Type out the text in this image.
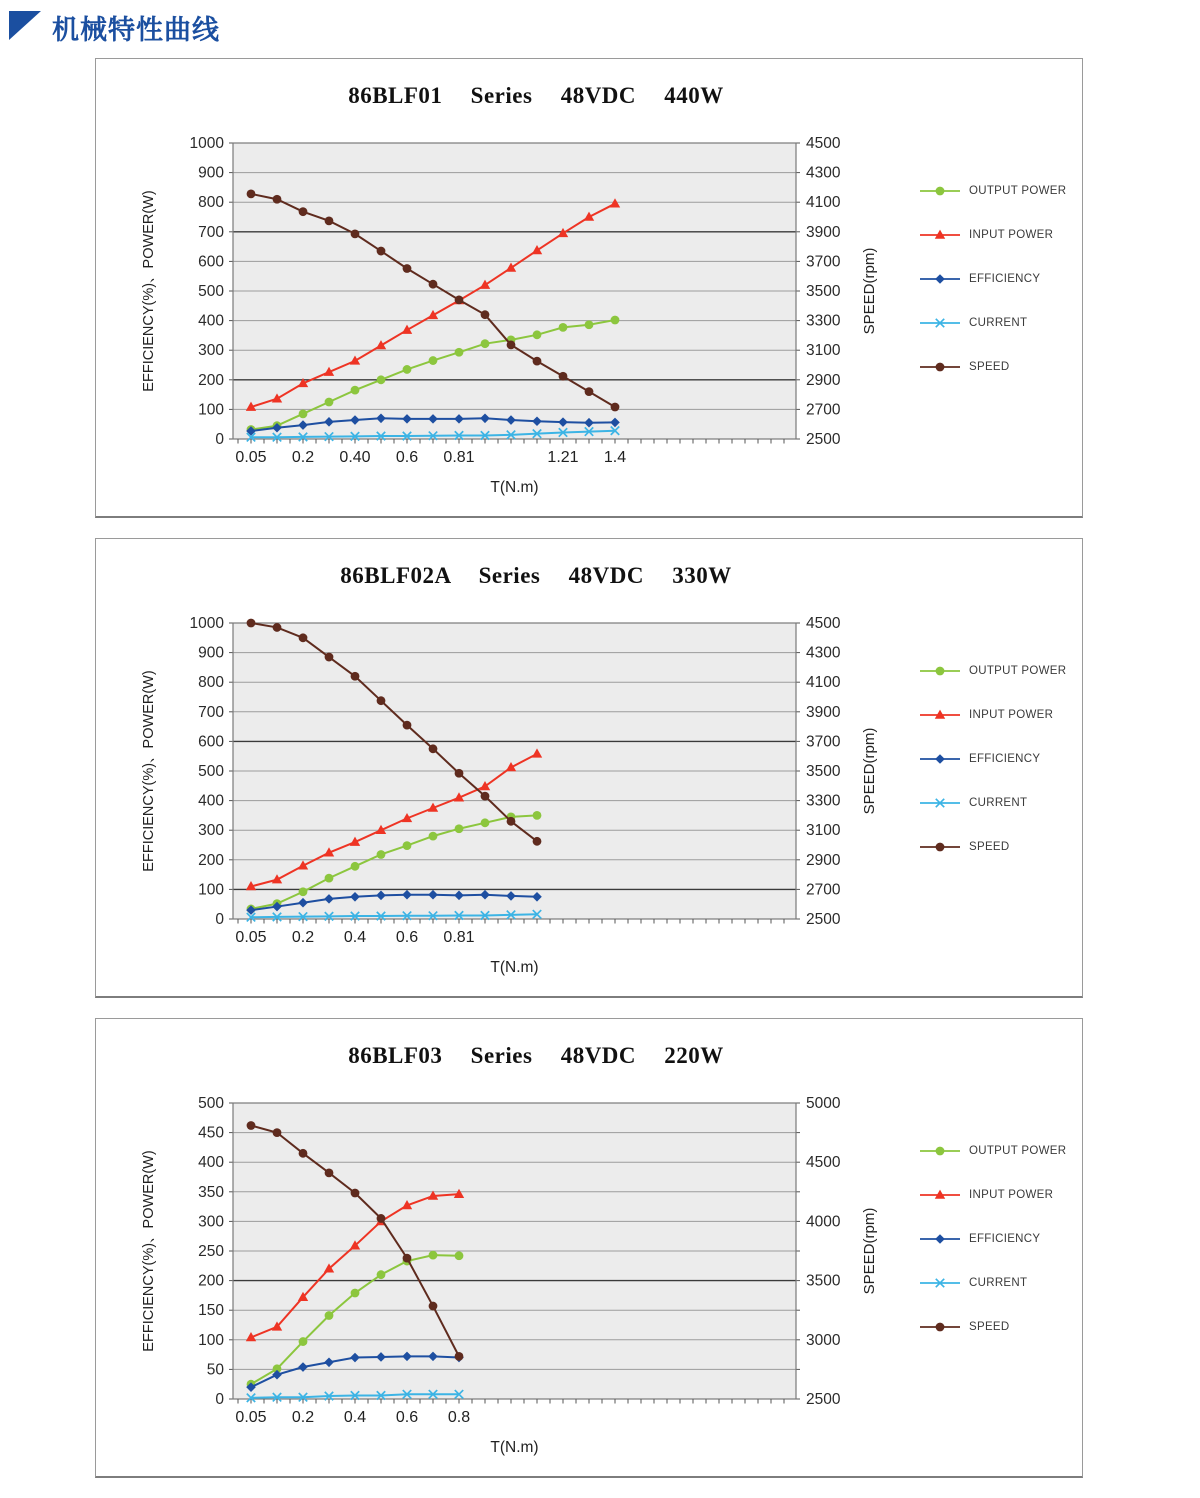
机械特性曲线
86BLF01 Series 48VDC 440W
0	2500
100	2700
200	2900
300	3100
400	3300
500	3500
600	3700
700	3900
800	4100
900	4300
1000	4500
0.05 0.2 0.40 0.6 0.81	1.21 1.4
T(N.m)
EFFICIENCY(%)、POWER(W)	SPEED(rpm)
OUTPUT POWER
INPUT POWER
EFFICIENCY
CURRENT
SPEED
86BLF02A Series 48VDC 330W
0	2500
100	2700
200	2900
300	3100
400	3300
500	3500
600	3700
700	3900
800	4100
900	4300
1000	4500
0.05 0.2 0.4 0.6 0.81
T(N.m)
EFFICIENCY(%)、POWER(W)	SPEED(rpm)
OUTPUT POWER
INPUT POWER
EFFICIENCY
CURRENT
SPEED
86BLF03 Series 48VDC 220W
0	2500
50
100	3000
150
200	3500
250
300	4000
350
400	4500
450
500	5000
0.05 0.2 0.4 0.6 0.8
T(N.m)
EFFICIENCY(%)、POWER(W)	SPEED(rpm)
OUTPUT POWER
INPUT POWER
EFFICIENCY
CURRENT
SPEED
